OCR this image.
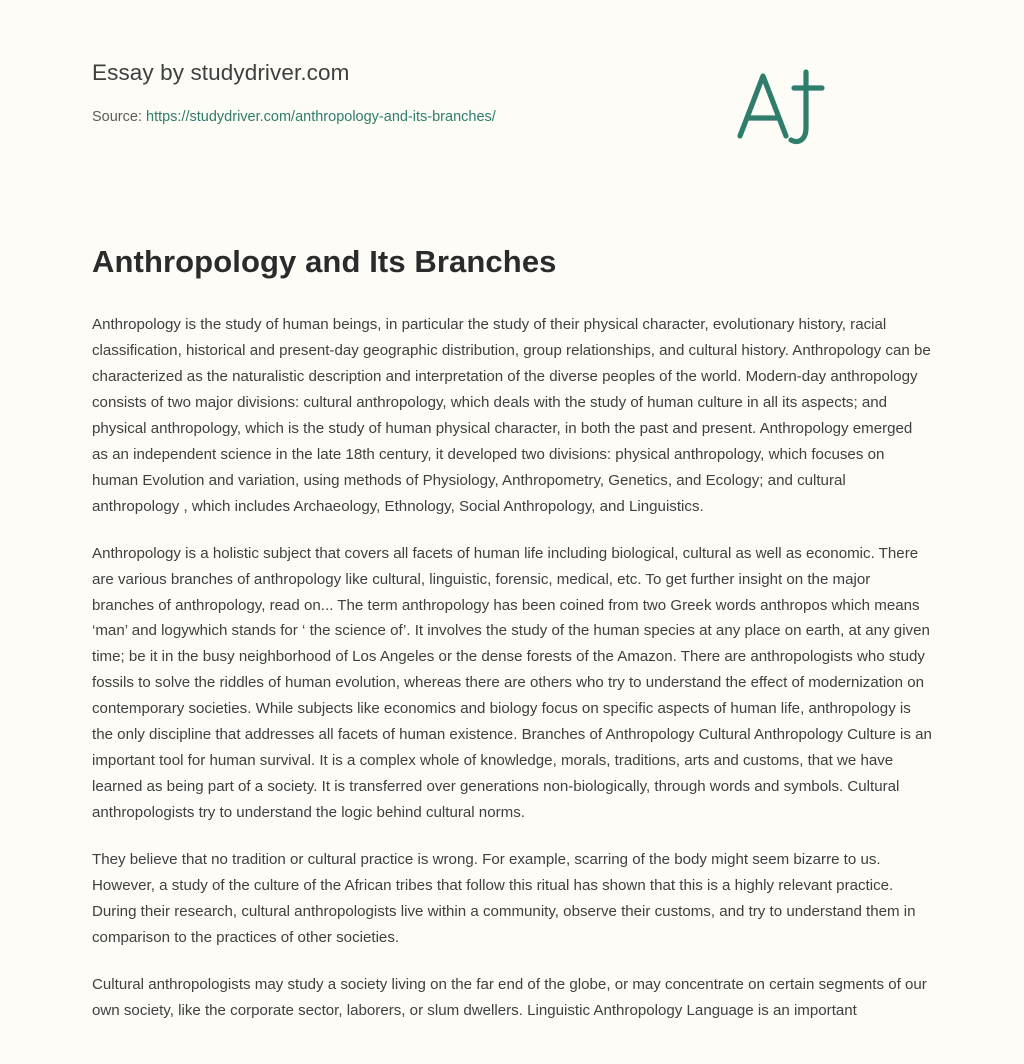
Essay by studydriver.com
Source: https://studydriver.com/anthropology-and-its-branches/
Anthropology and Its Branches

Anthropology is the study of human beings, in particular the study of their physical character, evolutionary history, racial classification, historical and present-day geographic distribution, group relationships, and cultural history. Anthropology can be characterized as the naturalistic description and interpretation of the diverse peoples of the world. Modern-day anthropology consists of two major divisions: cultural anthropology, which deals with the study of human culture in all its aspects; and physical anthropology, which is the study of human physical character, in both the past and present. Anthropology emerged as an independent science in the late 18th century, it developed two divisions: physical anthropology, which focuses on human Evolution and variation, using methods of Physiology, Anthropometry, Genetics, and Ecology; and cultural anthropology , which includes Archaeology, Ethnology, Social Anthropology, and Linguistics.

Anthropology is a holistic subject that covers all facets of human life including biological, cultural as well as economic. There are various branches of anthropology like cultural, linguistic, forensic, medical, etc. To get further insight on the major branches of anthropology, read on... The term anthropology has been coined from two Greek words anthropos which means ‘man’ and logywhich stands for ‘ the science of’. It involves the study of the human species at any place on earth, at any given time; be it in the busy neighborhood of Los Angeles or the dense forests of the Amazon. There are anthropologists who study fossils to solve the riddles of human evolution, whereas there are others who try to understand the effect of modernization on contemporary societies. While subjects like economics and biology focus on specific aspects of human life, anthropology is the only discipline that addresses all facets of human existence. Branches of Anthropology Cultural Anthropology Culture is an important tool for human survival. It is a complex whole of knowledge, morals, traditions, arts and customs, that we have learned as being part of a society. It is transferred over generations non-biologically, through words and symbols. Cultural anthropologists try to understand the logic behind cultural norms.

They believe that no tradition or cultural practice is wrong. For example, scarring of the body might seem bizarre to us. However, a study of the culture of the African tribes that follow this ritual has shown that this is a highly relevant practice. During their research, cultural anthropologists live within a community, observe their customs, and try to understand them in comparison to the practices of other societies.

Cultural anthropologists may study a society living on the far end of the globe, or may concentrate on certain segments of our own society, like the corporate sector, laborers, or slum dwellers. Linguistic Anthropology Language is an important
